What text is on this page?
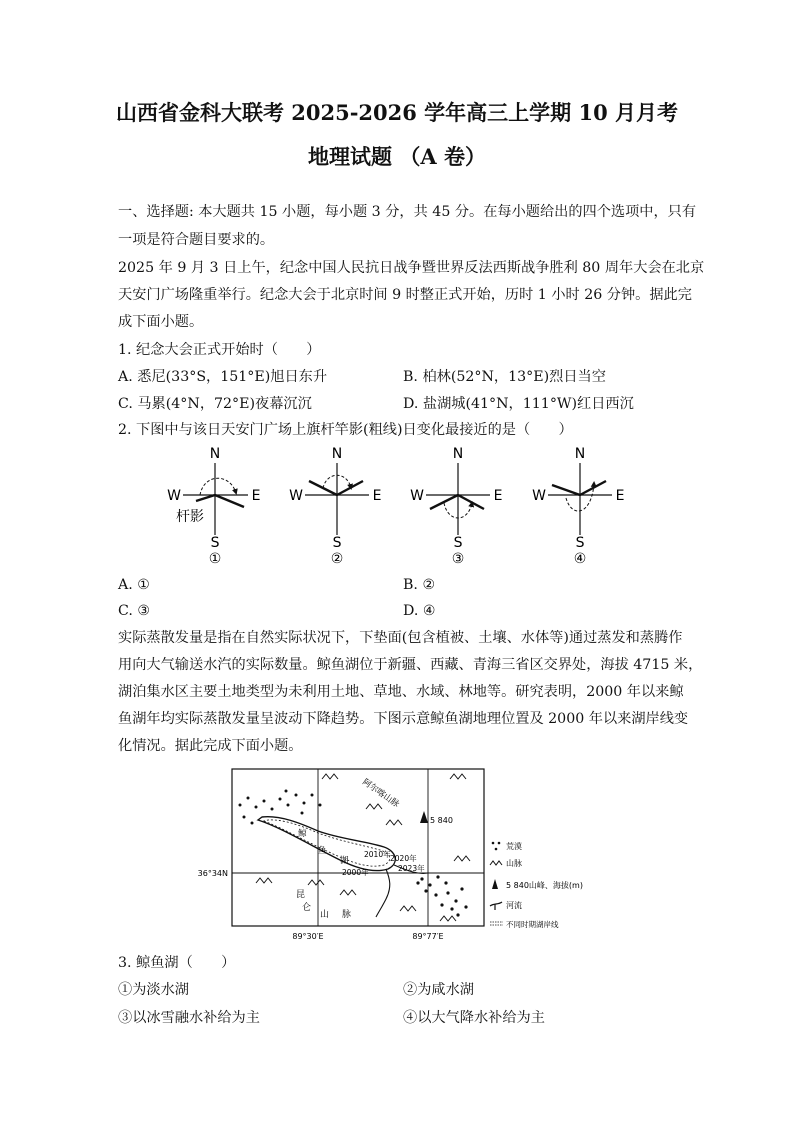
山西省金科大联考 2025-2026 学年高三上学期 10 月月考
地理试题 （A 卷）
一、选择题: 本大题共 15 小题，每小题 3 分，共 45 分。在每小题给出的四个选项中，只有
一项是符合题目要求的。
2025 年 9 月 3 日上午，纪念中国人民抗日战争暨世界反法西斯战争胜利 80 周年大会在北京
天安门广场隆重举行。纪念大会于北京时间 9 时整正式开始，历时 1 小时 26 分钟。据此完
成下面小题。
1. 纪念大会正式开始时（　　）
A. 悉尼(33°S，151°E)旭日东升	B. 柏林(52°N，13°E)烈日当空
C. 马累(4°N，72°E)夜幕沉沉	D. 盐湖城(41°N，111°W)红日西沉
2. 下图中与该日天安门广场上旗杆竿影(粗线)日变化最接近的是（　　）
N
W	E
杆影
S
①
N
W	E
S
②
N
W	E
S
③
N
W	E
S
④
A. ①	B. ②
C. ③	D. ④
实际蒸散发量是指在自然实际状况下，下垫面(包含植被、土壤、水体等)通过蒸发和蒸腾作
用向大气输送水汽的实际数量。鲸鱼湖位于新疆、西藏、青海三省区交界处，海拔 4715 米，
湖泊集水区主要土地类型为未利用土地、草地、水域、林地等。研究表明，2000 年以来鲸
鱼湖年均实际蒸散发量呈波动下降趋势。下图示意鲸鱼湖地理位置及 2000 年以来湖岸线变
化情况。据此完成下面小题。
5 840
阿尔喀山脉
昆
仑
山 脉
鲸
鱼
湖
2010年 2020年
2023年
2000年
36°34N
89°30′E	89°77′E
荒漠
山脉
5 840山峰、海拔(m)
河流
不同时期湖岸线
3. 鲸鱼湖（　　）
①为淡水湖	②为咸水湖
③以冰雪融水补给为主	④以大气降水补给为主
